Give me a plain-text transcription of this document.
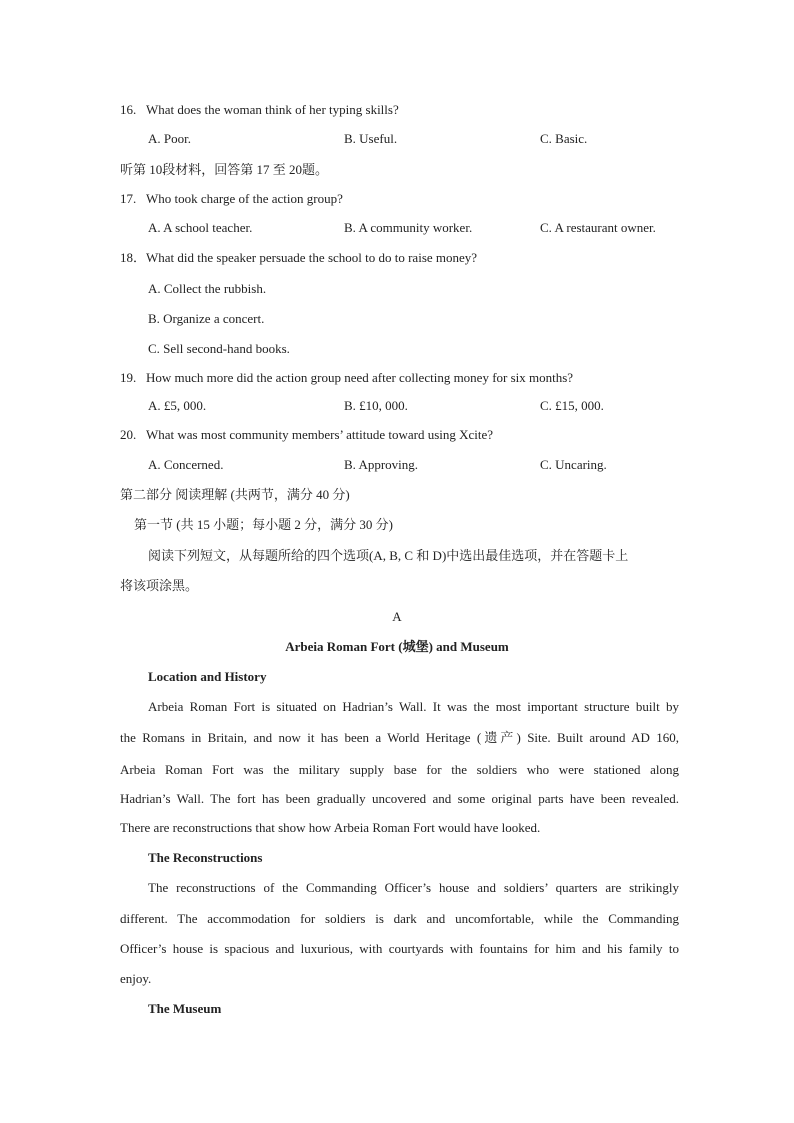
16. What does the woman think of her typing skills?
A. Poor.	B. Useful.	C. Basic.
听第 10段材料，回答第 17 至 20题。
17. Who took charge of the action group?
A. A school teacher.	B. A community worker.	C. A restaurant owner.
18．What did the speaker persuade the school to do to raise money?
A. Collect the rubbish.
B. Organize a concert.
C. Sell second-hand books.
19. How much more did the action group need after collecting money for six months?
A. £5, 000.	B. £10, 000.	C. £15, 000.
20. What was most community members’ attitude toward using Xcite?
A. Concerned.	B. Approving.	C. Uncaring.
第二部分 阅读理解 (共两节，满分 40 分)
第一节 (共 15 小题；每小题 2 分，满分 30 分)
阅读下列短文，从每题所给的四个选项(A, B, C 和 D)中选出最佳选项，并在答题卡上
将该项涂黑。
A
Arbeia Roman Fort (城堡) and Museum
Location and History
Arbeia Roman Fort is situated on Hadrian’s Wall. It was the most important structure built by
the Romans in Britain, and now it has been a World Heritage (遗产) Site. Built around AD 160,
Arbeia Roman Fort was the military supply base for the soldiers who were stationed along
Hadrian’s Wall. The fort has been gradually uncovered and some original parts have been revealed.
There are reconstructions that show how Arbeia Roman Fort would have looked.
The Reconstructions
The reconstructions of the Commanding Officer’s house and soldiers’ quarters are strikingly
different. The accommodation for soldiers is dark and uncomfortable, while the Commanding
Officer’s house is spacious and luxurious, with courtyards with fountains for him and his family to
enjoy.
The Museum
